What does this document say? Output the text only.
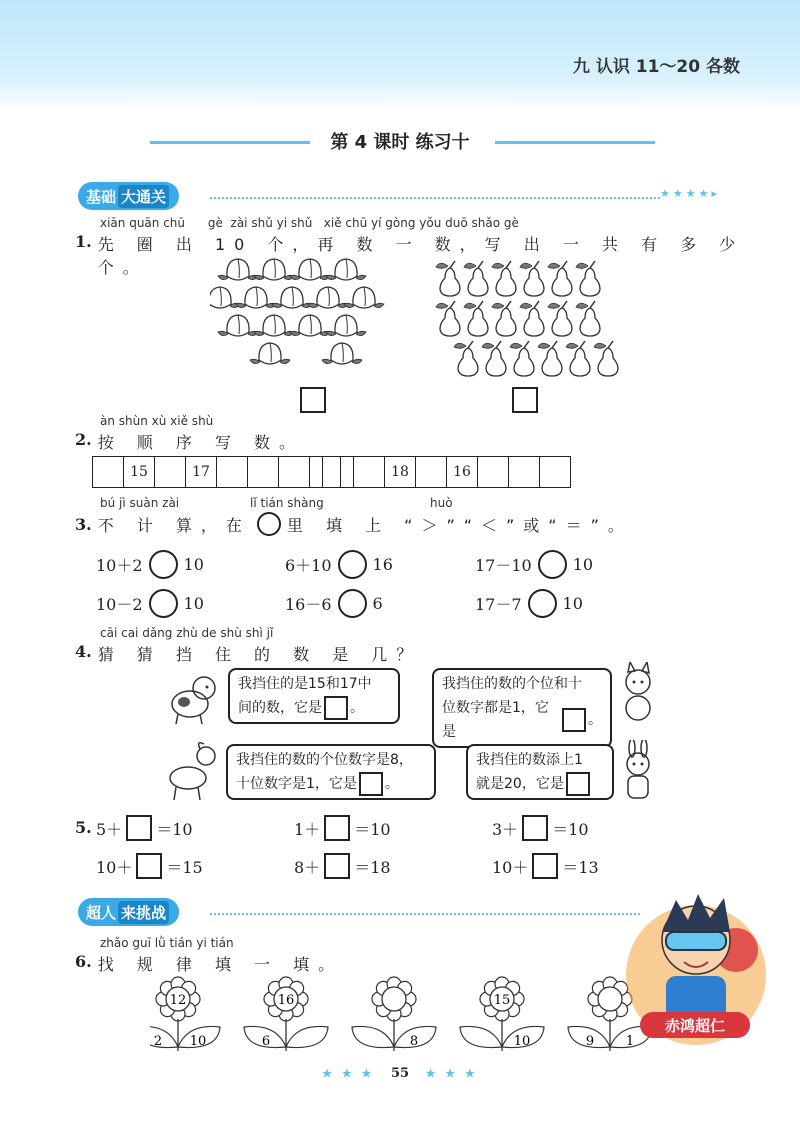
九 认识 11～20 各数
第 4 课时 练习十
基础 大通关	★★★★▸
xiān quān chū      gè  zài shǔ yi shǔ   xiě chū yí gòng yǒu duō shǎo gè
1. 先 圈 出 10 个，再 数 一 数，写 出 一 共 有 多 少 个。
àn shùn xù xiě shù
2. 按 顺 序 写 数。
15	17	18	16
bú jì suàn zài	lǐ tián shàng	huò
3. 不 计 算，在 里 填 上 “＞”“＜”或“＝”。
10＋2	10	6＋10	16	17－10	10
10－2	10	16－6	6	17－7	10
cāi cai dǎng zhù de shù shì jǐ
4. 猜 猜 挡 住 的 数 是 几？
我挡住的是15和17中
间的数，它是 。
我挡住的数的个位和十
位数字都是1，它是
。
我挡住的数的个位数字是8，
十位数字是1，它是 。
我挡住的数添上1
就是20，它是
5. 5＋ ＝10	1＋ ＝10	3＋ ＝10
10＋ ＝15	8＋ ＝18	10＋ ＝13
超人 来挑战
zhǎo guī lǜ tián yi tián
6. 找 规 律 填 一 填。
12
2 10
16
6	8
15
10	9 1
赤鸿超仁
★ ★ ★ 55 ★ ★ ★
